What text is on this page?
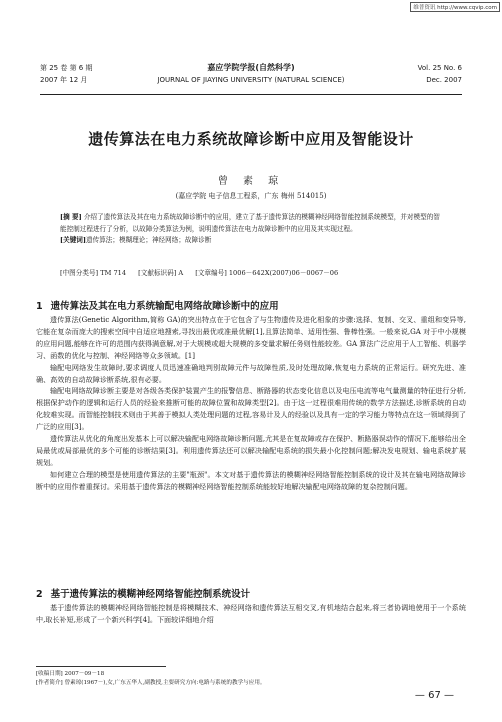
维普资讯 http://www.cqvip.com
第 25 卷 第 6 期	嘉应学院学报(自然科学)	Vol. 25 No. 6
2007 年 12 月	JOURNAL OF JIAYING UNIVERSITY (NATURAL SCIENCE)	Dec. 2007
遗传算法在电力系统故障诊断中应用及智能设计
曾 素 琼
(嘉应学院 电子信息工程系，广东 梅州 514015)

[摘 要] 介绍了遗传算法及其在电力系统故障诊断中的应用，建立了基于遗传算法的模糊神经网络智能控制系统模型，并对模型的智能控制过程进行了分析，以故障分类算法为例，说明遗传算法在电力故障诊断中的应用及其实现过程。

[关键词]遗传算法；模糊理论；神经网络；故障诊断

[中图分类号] TM 714 [文献标识码] A [文章编号] 1006－642X(2007)06－0067－06
1 遗传算法及其在电力系统输配电网络故障诊断中的应用

遗传算法(Genetic Algorithm,简称 GA)的突出特点在于它包含了与生物遗传及进化相象的步骤:选择、复制、交叉、重组和变异等,它能在复杂而庞大的搜索空间中自适应地搜索,寻找出最优或准最优解[1],且算法简单、适用性强、鲁棒性强。一般来说,GA 对于中小规模的应用问题,能够在许可的范围内获得满意解,对于大规模或超大规模的多变量求解任务则性能较差。GA 算法广泛应用于人工智能、机器学习、函数的优化与控制、神经网络等众多领域。[1]

输配电网络发生故障时,要求调度人员迅速准确地判别故障元件与故障性质,及时处理故障,恢复电力系统的正常运行。研究先进、准确、高效的自动故障诊断系统,很有必要。

输配电网络故障诊断主要是对各级各类保护装置产生的报警信息、断路器的状态变化信息以及电压电流等电气量测量的特征进行分析,根据保护动作的逻辑和运行人员的经验来推断可能的故障位置和故障类型[2]。由于这一过程很难用传统的数学方法描述,诊断系统的自动化较难实现。而智能控制技术则由于其善于模拟人类处理问题的过程,容易计及人的经验以及具有一定的学习能力等特点在这一领域得到了广泛的应用[3]。

遗传算法从优化的角度出发基本上可以解决输配电网络故障诊断问题,尤其是在复故障或存在保护、断路器误动作的情况下,能够给出全局最优或局部最优的多个可能的诊断结果[3]。利用遗传算法还可以解决输配电系统的损失最小化控制问题;解决发电规划、输电系统扩展规划。

如何建立合理的模型是使用遗传算法的主要"瓶颈"。本文对基于遗传算法的模糊神经网络智能控制系统的设计及其在输电网络故障诊断中的应用作着重探讨。采用基于遗传算法的模糊神经网络智能控制系统能较好地解决输配电网络故障的复杂控制问题。

2 基于遗传算法的模糊神经网络智能控制系统设计

基于遗传算法的模糊神经网络智能控制是将模糊技术、神经网络和遗传算法互相交叉,有机地结合起来,将三者协调地使用于一个系统中,取长补短,形成了一个新兴科学[4]。下面较详细地介绍

[收稿日期] 2007－09－18
[作者简介] 曾素琼(1967－),女,广东五华人,副教授,主要研究方向:电路与系统的教学与应用。
— 67 —
